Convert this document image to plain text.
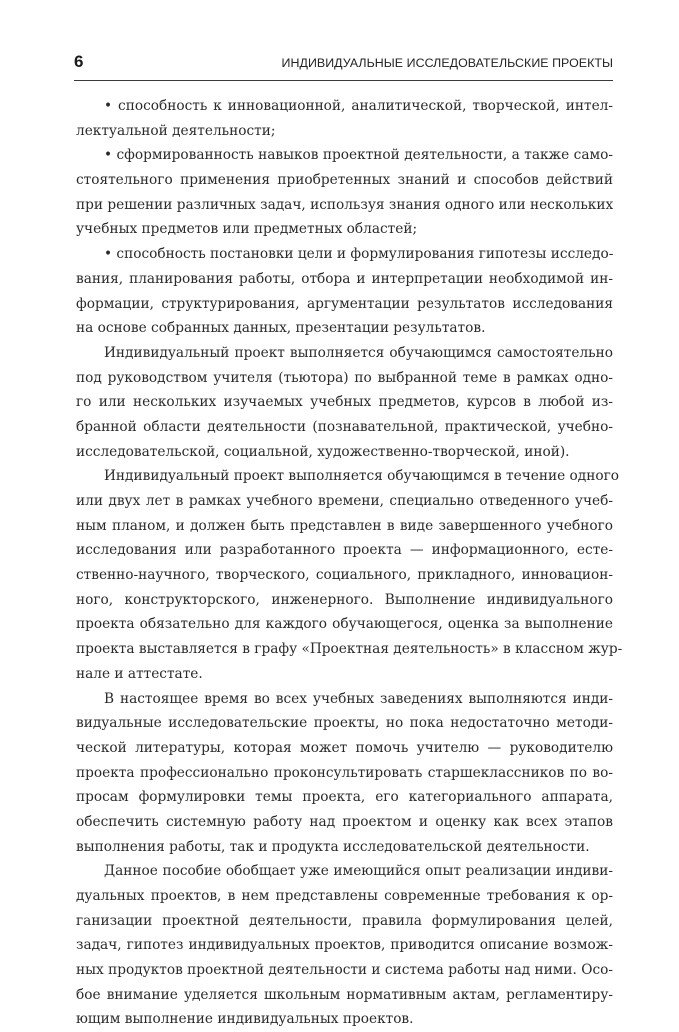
6	ИНДИВИДУАЛЬНЫЕ ИССЛЕДОВАТЕЛЬСКИЕ ПРОЕКТЫ
• способность к инновационной, аналитической, творческой, интел-
лектуальной деятельности;
• сформированность навыков проектной деятельности, а также само-
стоятельного применения приобретенных знаний и способов действий
при решении различных задач, используя знания одного или нескольких
учебных предметов или предметных областей;
• способность постановки цели и формулирования гипотезы исследо-
вания, планирования работы, отбора и интерпретации необходимой ин-
формации, структурирования, аргументации результатов исследования
на основе собранных данных, презентации результатов.
Индивидуальный проект выполняется обучающимся самостоятельно
под руководством учителя (тьютора) по выбранной теме в рамках одно-
го или нескольких изучаемых учебных предметов, курсов в любой из-
бранной области деятельности (познавательной, практической, учебно-
исследовательской, социальной, художественно-творческой, иной).
Индивидуальный проект выполняется обучающимся в течение одного
или двух лет в рамках учебного времени, специально отведенного учеб-
ным планом, и должен быть представлен в виде завершенного учебного
исследования или разработанного проекта — информационного, есте-
ственно-научного, творческого, социального, прикладного, инновацион-
ного, конструкторского, инженерного. Выполнение индивидуального
проекта обязательно для каждого обучающегося, оценка за выполнение
проекта выставляется в графу «Проектная деятельность» в классном жур-
нале и аттестате.
В настоящее время во всех учебных заведениях выполняются инди-
видуальные исследовательские проекты, но пока недостаточно методи-
ческой литературы, которая может помочь учителю — руководителю
проекта профессионально проконсультировать старшеклассников по во-
просам формулировки темы проекта, его категориального аппарата,
обеспечить системную работу над проектом и оценку как всех этапов
выполнения работы, так и продукта исследовательской деятельности.
Данное пособие обобщает уже имеющийся опыт реализации индиви-
дуальных проектов, в нем представлены современные требования к ор-
ганизации проектной деятельности, правила формулирования целей,
задач, гипотез индивидуальных проектов, приводится описание возмож-
ных продуктов проектной деятельности и система работы над ними. Осо-
бое внимание уделяется школьным нормативным актам, регламентиру-
ющим выполнение индивидуальных проектов.
